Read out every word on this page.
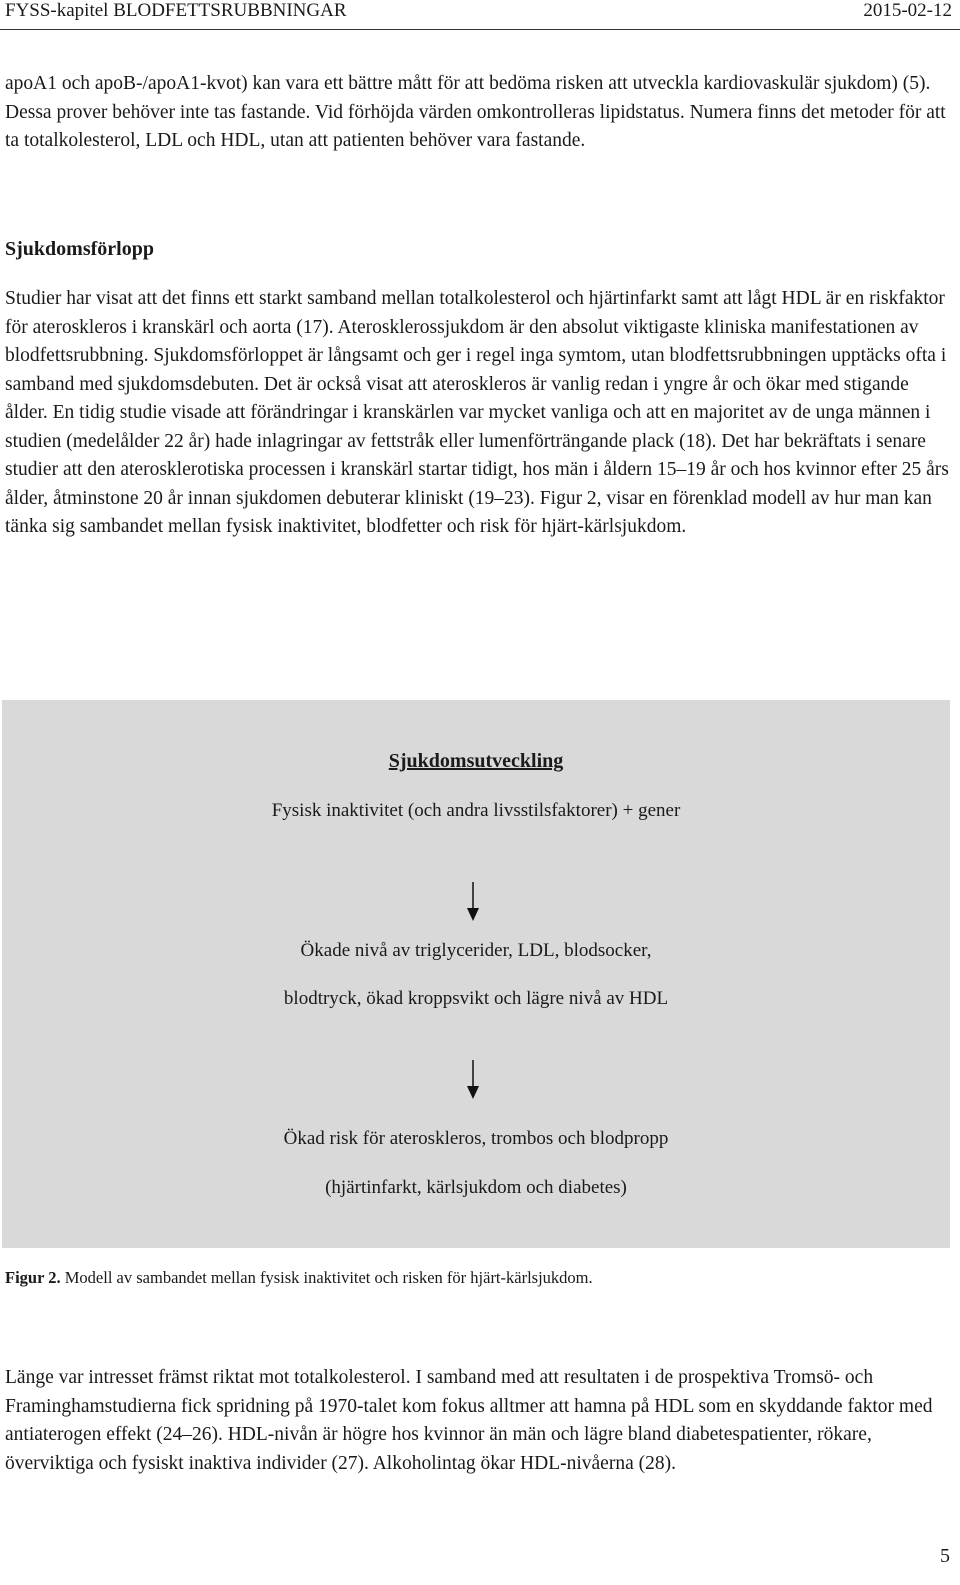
FYSS-kapitel BLODFETTSRUBBNINGAR	2015-02-12

apoA1 och apoB-/apoA1-kvot) kan vara ett bättre mått för att bedöma risken att utveckla kardiovaskulär sjukdom) (5). Dessa prover behöver inte tas fastande. Vid förhöjda värden omkontrolleras lipidstatus. Numera finns det metoder för att ta totalkolesterol, LDL och HDL, utan att patienten behöver vara fastande.

Sjukdomsförlopp

Studier har visat att det finns ett starkt samband mellan totalkolesterol och hjärtinfarkt samt att lågt HDL är en riskfaktor för ateroskleros i kranskärl och aorta (17). Aterosklerossjukdom är den absolut viktigaste kliniska manifestationen av blodfettsrubbning. Sjukdomsförloppet är långsamt och ger i regel inga symtom, utan blodfettsrubbningen upptäcks ofta i samband med sjukdomsdebuten. Det är också visat att ateroskleros är vanlig redan i yngre år och ökar med stigande ålder. En tidig studie visade att förändringar i kranskärlen var mycket vanliga och att en majoritet av de unga männen i studien (medelålder 22 år) hade inlagringar av fettstråk eller lumenförträngande plack (18). Det har bekräftats i senare studier att den aterosklerotiska processen i kranskärl startar tidigt, hos män i åldern 15–19 år och hos kvinnor efter 25 års ålder, åtminstone 20 år innan sjukdomen debuterar kliniskt (19–23). Figur 2, visar en förenklad modell av hur man kan tänka sig sambandet mellan fysisk inaktivitet, blodfetter och risk för hjärt-kärlsjukdom.

Sjukdomsutveckling
Fysisk inaktivitet (och andra livsstilsfaktorer) + gener
Ökade nivå av triglycerider, LDL, blodsocker,
blodtryck, ökad kroppsvikt och lägre nivå av HDL
Ökad risk för ateroskleros, trombos och blodpropp
(hjärtinfarkt, kärlsjukdom och diabetes)

Figur 2. Modell av sambandet mellan fysisk inaktivitet och risken för hjärt-kärlsjukdom.

Länge var intresset främst riktat mot totalkolesterol. I samband med att resultaten i de prospektiva Tromsö- och Framinghamstudierna fick spridning på 1970-talet kom fokus alltmer att hamna på HDL som en skyddande faktor med antiaterogen effekt (24–26). HDL-nivån är högre hos kvinnor än män och lägre bland diabetespatienter, rökare, överviktiga och fysiskt inaktiva individer (27). Alkoholintag ökar HDL-nivåerna (28).

5
